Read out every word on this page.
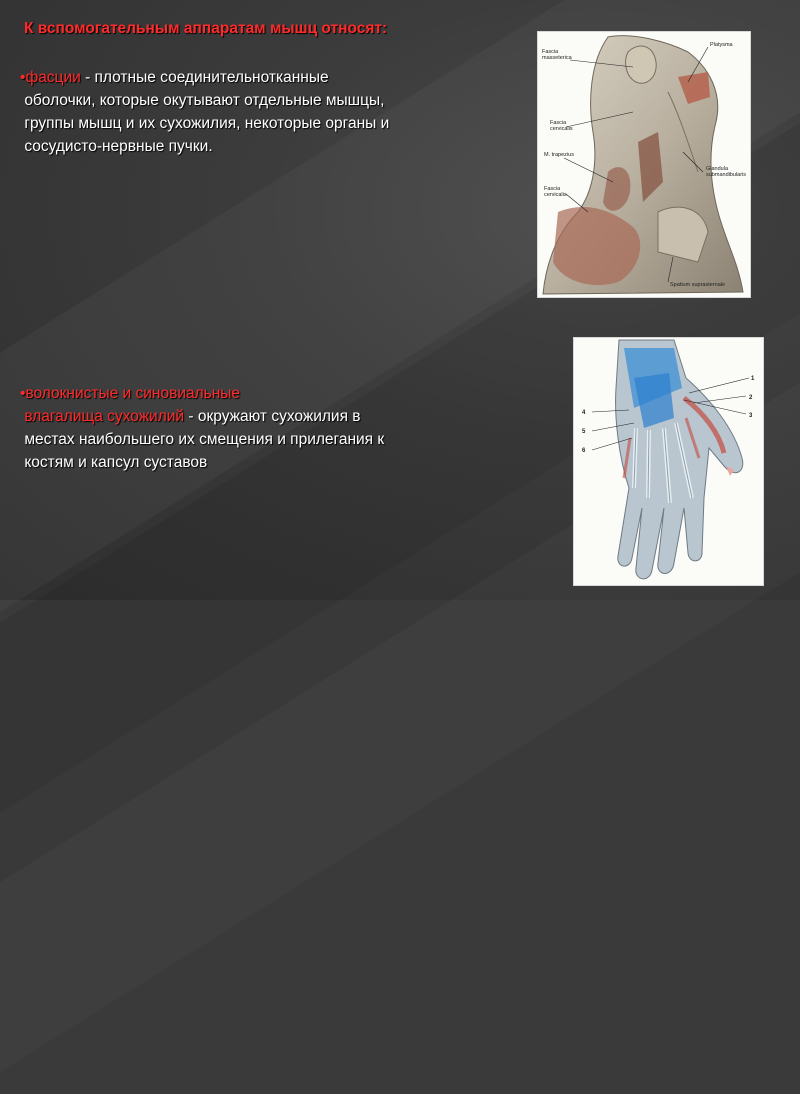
К вспомогательным аппаратам мышц относят:
•фасции - плотные соединительнотканные
оболочки, которые окутывают отдельные мышцы,
группы мышц и их сухожилия, некоторые органы и
сосудисто-нервные пучки.
•волокнистые и синовиальные
влагалища сухожилий - окружают сухожилия в
местах наибольшего их смещения и прилегания к
костям и капсул суставов
Fascia masseterica
Platysma
Fascia cervicalis
M. trapezius
Glandula submandibularis
Fascia cervicalis
Spatium suprasternale
1
2
3
4
5
6
